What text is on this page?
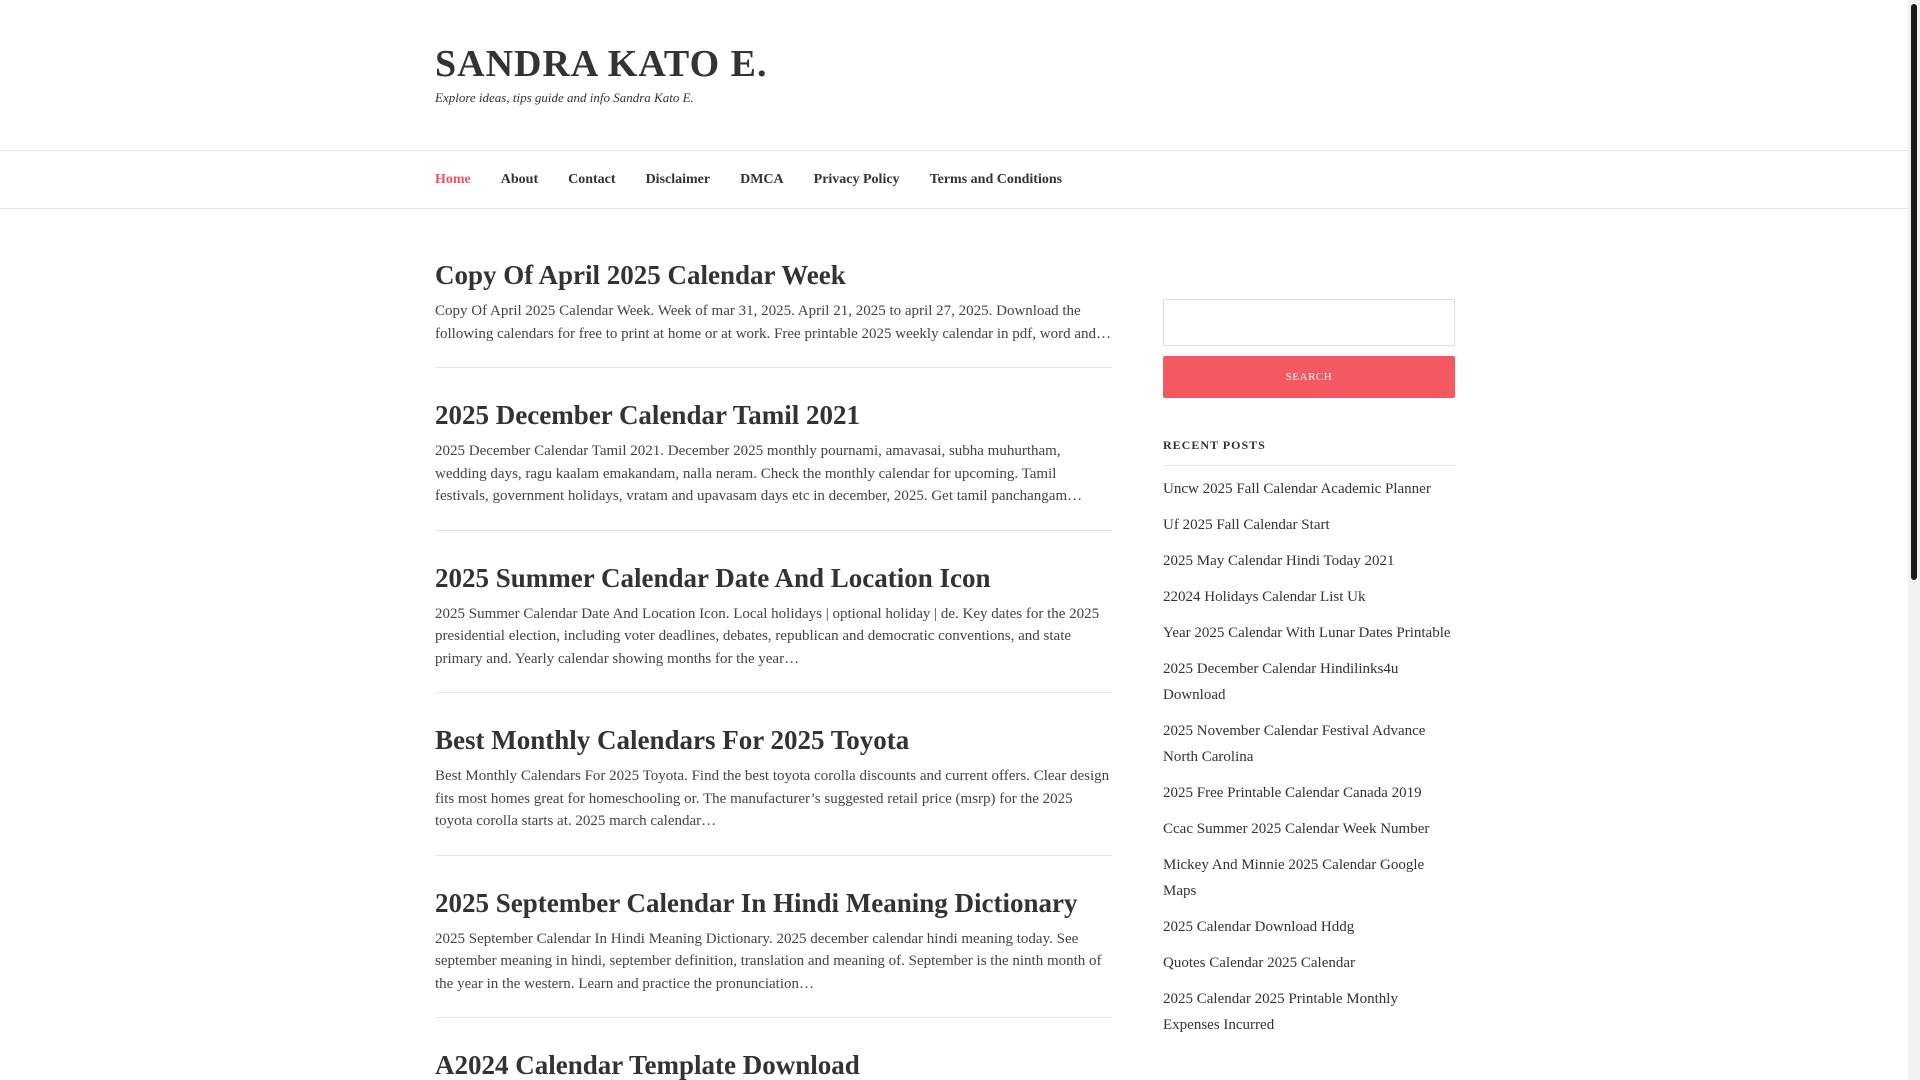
SANDRA KATO E.
Explore ideas, tips guide and info Sandra Kato E.
Home About Contact Disclaimer DMCA Privacy Policy Terms and Conditions
Copy Of April 2025 Calendar Week

Copy Of April 2025 Calendar Week. Week of mar 31, 2025. April 21, 2025 to april 27, 2025. Download the following calendars for free to print at home or at work. Free printable 2025 weekly calendar in pdf, word and…

2025 December Calendar Tamil 2021

2025 December Calendar Tamil 2021. December 2025 monthly pournami, amavasai, subha muhurtham, wedding days, ragu kaalam emakandam, nalla neram. Check the monthly calendar for upcoming. Tamil festivals, government holidays, vratam and upavasam days etc in december, 2025. Get tamil panchangam…

2025 Summer Calendar Date And Location Icon

2025 Summer Calendar Date And Location Icon. Local holidays | optional holiday | de. Key dates for the 2025 presidential election, including voter deadlines, debates, republican and democratic conventions, and state primary and. Yearly calendar showing months for the year…

Best Monthly Calendars For 2025 Toyota

Best Monthly Calendars For 2025 Toyota. Find the best toyota corolla discounts and current offers. Clear design fits most homes great for homeschooling or. The manufacturer’s suggested retail price (msrp) for the 2025 toyota corolla starts at. 2025 march calendar…

2025 September Calendar In Hindi Meaning Dictionary

2025 September Calendar In Hindi Meaning Dictionary. 2025 december calendar hindi meaning today. See september meaning in hindi, september definition, translation and meaning of. September is the ninth month of the year in the western. Learn and practice the pronunciation…

A2024 Calendar Template Download
SEARCH
RECENT POSTS
Uncw 2025 Fall Calendar Academic Planner
Uf 2025 Fall Calendar Start
2025 May Calendar Hindi Today 2021
22024 Holidays Calendar List Uk
Year 2025 Calendar With Lunar Dates Printable
2025 December Calendar Hindilinks4u Download
2025 November Calendar Festival Advance North Carolina
2025 Free Printable Calendar Canada 2019
Ccac Summer 2025 Calendar Week Number
Mickey And Minnie 2025 Calendar Google Maps
2025 Calendar Download Hddg
Quotes Calendar 2025 Calendar
2025 Calendar 2025 Printable Monthly Expenses Incurred
